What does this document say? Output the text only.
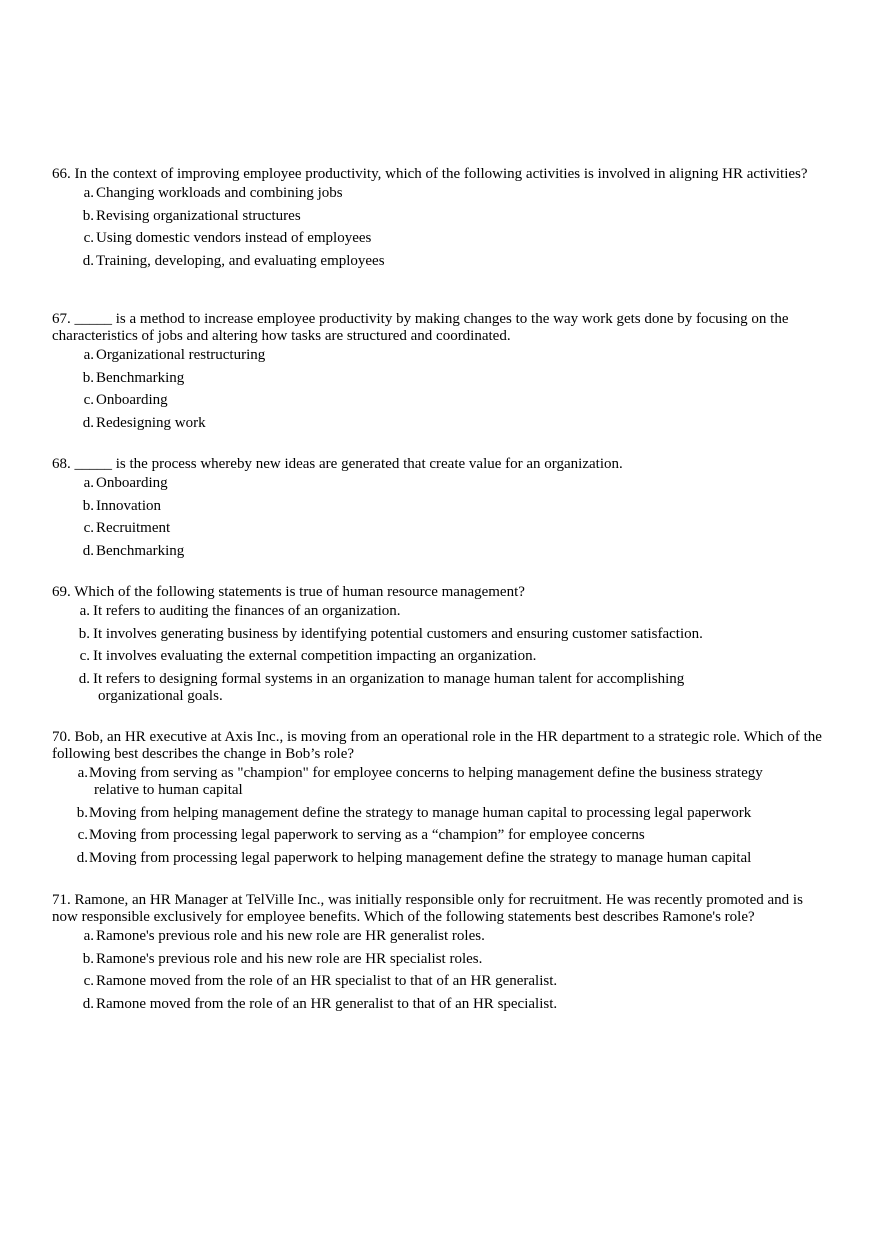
66. In the context of improving employee productivity, which of the following activities is involved in aligning HR activities?

a. Changing workloads and combining jobs
b. Revising organizational structures
c. Using domestic vendors instead of employees
d. Training, developing, and evaluating employees

67. _____ is a method to increase employee productivity by making changes to the way work gets done by focusing on the characteristics of jobs and altering how tasks are structured and coordinated.

a. Organizational restructuring
b. Benchmarking
c. Onboarding
d. Redesigning work

68. _____ is the process whereby new ideas are generated that create value for an organization.

a. Onboarding
b. Innovation
c. Recruitment
d. Benchmarking

69. Which of the following statements is true of human resource management?

a. It refers to auditing the finances of an organization.
b. It involves generating business by identifying potential customers and ensuring customer satisfaction.
c. It involves evaluating the external competition impacting an organization.
d. It refers to designing formal systems in an organization to manage human talent for accomplishing
organizational goals.

70. Bob, an HR executive at Axis Inc., is moving from an operational role in the HR department to a strategic role. Which of the following best describes the change in Bob’s role?

a. Moving from serving as "champion" for employee concerns to helping management define the business strategy
relative to human capital
b. Moving from helping management define the strategy to manage human capital to processing legal paperwork
c. Moving from processing legal paperwork to serving as a “champion” for employee concerns
d. Moving from processing legal paperwork to helping management define the strategy to manage human capital

71. Ramone, an HR Manager at TelVille Inc., was initially responsible only for recruitment. He was recently promoted and is now responsible exclusively for employee benefits. Which of the following statements best describes Ramone's role?

a. Ramone's previous role and his new role are HR generalist roles.
b. Ramone's previous role and his new role are HR specialist roles.
c. Ramone moved from the role of an HR specialist to that of an HR generalist.
d. Ramone moved from the role of an HR generalist to that of an HR specialist.
